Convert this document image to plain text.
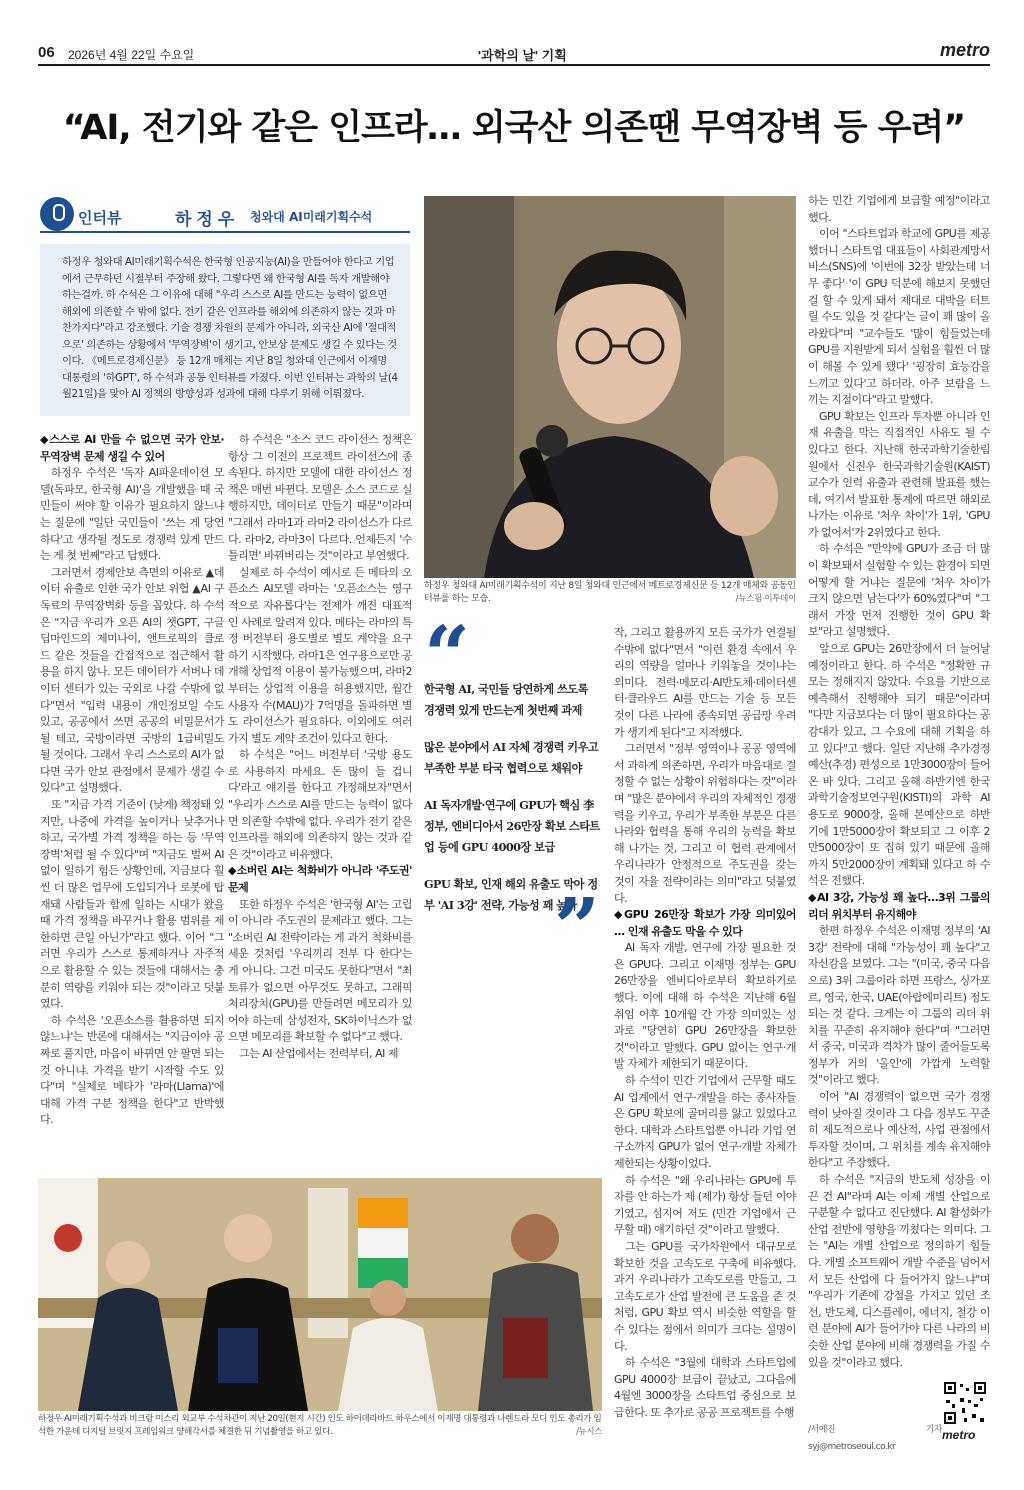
06 2026년 4월 22일 수요일	'과학의 날' 기획	metro
“AI, 전기와 같은 인프라… 외국산 의존땐 무역장벽 등 우려”
인터뷰	하정우 청와대 AI미래기획수석
하정우 청와대 AI미래기획수석은 한국형 인공지능(AI)을 만들어야 한다고 기업에서 근무하던 시절부터 주장해 왔다. 그렇다면 왜 한국형 AI를 독자 개발해야 하는걸까. 하 수석은 그 이유에 대해 "우리 스스로 AI를 만드는 능력이 없으면 해외에 의존할 수 밖에 없다. 전기 같은 인프라를 해외에 의존하지 않는 것과 마찬가지다"라고 강조했다. 기술 경쟁 차원의 문제가 아니라, 외국산 AI에 '절대적으로' 의존하는 상황에서 '무역장벽'이 생기고, 안보상 문제도 생길 수 있다는 것이다. 《메트로경제신문》 등 12개 매체는 지난 8일 청와대 인근에서 이재명 대통령의 '하GPT', 하 수석과 공동 인터뷰를 가졌다. 이번 인터뷰는 과학의 날(4월21일)을 맞아 AI 정책의 방향성과 성과에 대해 다루기 위해 이뤄졌다.

◆스스로 AI 만들 수 없으면 국가 안보·무역장벽 문제 생길 수 있어

하정우 수석은 '독자 AI파운데이션 모델(독파모, 한국형 AI)'을 개발했을 때 국민들이 써야 할 이유가 필요하지 않느냐는 질문에 "일단 국민들이 '쓰는 게 당연하다'고 생각될 정도로 경쟁력 있게 만드는 게 첫 번째"라고 답했다.

그러면서 경제안보 측면의 이유로 ▲데이터 유출로 인한 국가 안보 위협 ▲AI 구독료의 무역장벽화 등을 꼽았다. 하 수석은 "지금 우리가 오픈 AI의 챗GPT, 구글 딥마인드의 제미나이, 앤트로픽의 클로드 같은 것들을 간접적으로 접근해서 활용을 하지 않나. 모든 데이터가 서버나 데이터 센터가 있는 국외로 나갈 수밖에 없다"면서 "입력 내용이 개인정보일 수도 있고, 공공에서 쓰면 공공의 비밀문서가 될 테고, 국방이라면 국방의 1급비밀도 될 것이다. 그래서 우리 스스로의 AI가 없다면 국가 안보 관점에서 문제가 생길 수 있다"고 설명했다.

또 "지금 가격 기준이 (낮게) 책정돼 있지만, 나중에 가격을 높이거나 낮추거나 하고, 국가별 가격 정책을 하는 등 '무역장벽'처럼 될 수 있다"며 "지금도 벌써 AI 없이 일하기 힘든 상황인데, 지금보다 훨씬 더 많은 업무에 도입되거나 로봇에 탑재돼 사람들과 함께 일하는 시대가 왔을 때 가격 정책을 바꾸거나 활용 범위를 제한하면 큰일 아닌가"라고 했다. 이어 "그러면 우리가 스스로 통제하거나 자주적으로 활용할 수 있는 것들에 대해서는 충분히 역량을 키워야 되는 것"이라고 덧붙였다.

하 수석은 '오픈소스를 활용하면 되지 않느냐'는 반론에 대해서는 "지금이야 공짜로 풀지만, 마음이 바뀌면 안 팔면 되는 것 아니냐. 가격을 받기 시작할 수도 있다"며 "실제로 메타가 '라마(Llama)'에 대해 가격 구분 정책을 한다"고 반박했다.

하 수석은 "소스 코드 라이선스 정책은 항상 그 이전의 프로젝트 라이선스에 종속된다. 하지만 모델에 대한 라이선스 정책은 매번 바뀐다. 모델은 소스 코드로 실행하지만, 데이터로 만들기 때문"이라며 "그래서 라마1과 라마2 라이선스가 다르다. 라마2, 라마3이 다르다. 언제든지 '수 틀리면' 바꿔버리는 것"이라고 부연했다.

실제로 하 수석이 예시로 든 메타의 오픈소스 AI모델 라마는 '오픈소스는 영구적으로 자유롭다'는 전제가 깨진 대표적인 사례로 알려져 있다. 메타는 라마의 특정 버전부터 용도별로 별도 계약을 요구하기 시작했다. 라마1은 연구용으로만 공개해 상업적 이용이 불가능했으며, 라마2부터는 상업적 이용을 허용했지만, 월간 사용자 수(MAU)가 7억명을 돌파하면 별도 라이선스가 필요하다. 이외에도 여러가지 별도 계약 조건이 있다고 한다.

하 수석은 "어느 버전부터 '국방 용도로 사용하지 마세요. 돈 많이 들 겁니다'라고 얘기를 한다고 가정해보자"면서 "우리가 스스로 AI를 만드는 능력이 없다면 의존할 수밖에 없다. 우리가 전기 같은 인프라를 해외에 의존하지 않는 것과 같은 것"이라고 비유했다.

◆소버린 AI는 척화비가 아니라 '주도권' 문제

또한 하정우 수석은 '한국형 AI'는 고립이 아니라 주도권의 문제라고 했다. 그는 "소버린 AI 전략이라는 게 과거 척화비를 세운 것처럼 '우리끼리 전부 다 한다'는 게 아니다. 그건 미국도 못한다"면서 "최토류가 없으면 아무것도 못하고, 그래픽처리장치(GPU)를 만들려면 메모리가 있어야 하는데 삼성전자, SK하이닉스가 없으면 메모리를 확보할 수 없다"고 했다.

그는 AI 산업에서는 전력부터, AI 제

하정우 청와대 AI미래기획수석이 지난 8일 청와대 인근에서 메트로경제신문 등 12개 매체와 공동인터뷰를 하는 모습.	/뉴스핌·이투데이
“

한국형 AI, 국민들 당연하게 쓰도록 경쟁력 있게 만드는게 첫번째 과제

많은 분야에서 AI 자체 경쟁력 키우고 부족한 부분 타국 협력으로 채워야

AI 독자개발·연구에 GPU가 핵심 李 정부, 엔비디아서 26만장 확보 스타트업 등에 GPU 4000장 보급

GPU 확보, 인재 해외 유출도 막아 정부 'AI 3강' 전략, 가능성 꽤 높아

”

작, 그리고 활용까지 모든 국가가 연결될 수밖에 없다"면서 "이런 환경 속에서 우리의 역량을 얼마나 키워놓을 것이냐는 의미다. 전력·메모리·AI반도체·데이터센터·클라우드 AI를 만드는 기술 등 모든 것이 다른 나라에 종속되면 공급망 우려가 생기게 된다"고 지적했다.

그러면서 "정부 영역이나 공공 영역에서 과하게 의존하면, 우리가 마음대로 결정할 수 없는 상황이 위험하다는 것"이라며 "많은 분야에서 우리의 자체적인 경쟁력을 키우고, 우리가 부족한 부분은 다른 나라와 협력을 통해 우리의 능력을 확보해 나가는 것, 그리고 이 협력 관계에서 우리나라가 안정적으로 주도권을 갖는 것이 자율 전략이라는 의미"라고 덧붙였다.

◆GPU 26만장 확보가 가장 의미있어 … 인재 유출도 막을 수 있다

AI 독자 개발, 연구에 가장 필요한 것은 GPU다. 그리고 이재명 정부는 GPU 26만장을 엔비디아로부터 확보하기로 했다. 이에 대해 하 수석은 지난해 6월 취임 이후 10개월 간 가장 의미있는 성과로 "당연히 GPU 26만장을 확보한 것"이라고 말했다. GPU 없이는 연구·개발 자체가 제한되기 때문이다.

하 수석이 민간 기업에서 근무할 때도 AI 업계에서 연구·개발을 하는 종사자들은 GPU 확보에 골머리를 앓고 있었다고 한다. 대학과 스타트업뿐 아니라 기업 연구소까지 GPU가 없어 연구·개발 자체가 제한되는 상황이었다.

하 수석은 "왜 우리나라는 GPU에 투자를 안 하는가 제 (제가) 항상 들던 이야기였고, 심지어 저도 (민간 기업에서 근무할 때) 얘기하던 것"이라고 말했다.

그는 GPU를 국가차원에서 대규모로 확보한 것을 고속도로 구축에 비유했다. 과거 우리나라가 고속도로를 만들고, 그 고속도로가 산업 발전에 큰 도움을 준 것처럼, GPU 확보 역시 비슷한 역할을 할 수 있다는 점에서 의미가 크다는 설명이다.

하 수석은 "3월에 대학과 스타트업에 GPU 4000장 보급이 끝났고, 그다음에 4월엔 3000장을 스타트업 중심으로 보급한다. 또 추가로 공공 프로젝트를 수행

하는 민간 기업에게 보급할 예정"이라고 했다.

이어 "스타트업과 학교에 GPU를 제공했더니 스타트업 대표들이 사회관계망서비스(SNS)에 '이번에 32장 받았는데 너무 좋다' '이 GPU 덕분에 해보지 못했던 걸 할 수 있게 돼서 제대로 대박을 터트릴 수도 있을 것 같다'는 글이 꽤 많이 올라왔다"며 "교수들도 '많이 힘들었는데 GPU를 지원받게 되서 실험을 훨씬 더 많이 해볼 수 있게 됐다' '굉장히 효능감을 느끼고 있다'고 하더라. 아주 보람을 느끼는 지점이다"라고 말했다.

GPU 확보는 인프라 투자뿐 아니라 인재 유출을 막는 직접적인 사유도 될 수 있다고 한다. 지난해 한국과학기술한림원에서 신진우 한국과학기술원(KAIST) 교수가 인력 유출과 관련해 발표를 했는데, 여기서 발표한 통계에 따르면 해외로 나가는 이유로 '처우 차이'가 1위, 'GPU가 없어서'가 2위였다고 한다.

하 수석은 "만약에 GPU가 조금 더 많이 확보돼서 실험할 수 있는 환경이 되면 어떻게 할 거냐는 질문에 '처우 차이가 크지 않으면 남는다'가 60%였다"며 "그래서 가장 먼저 진행한 것이 GPU 확보"라고 설명했다.

앞으로 GPU는 26만장에서 더 늘어날 예정이라고 한다. 하 수석은 "정확한 규모는 정해지지 않았다. 수요를 기반으로 예측해서 진행해야 되기 때문"이라며 "다만 지금보다는 더 많이 필요하다는 공감대가 있고, 그 수요에 대해 기획을 하고 있다"고 했다. 일단 지난해 추가경정예산(추경) 편성으로 1만3000장이 들어온 바 있다. 그리고 올해 하반기엔 한국과학기술정보연구원(KISTI)의 과학 AI 용도로 9000장, 올해 본예산으로 하반기에 1만5000장이 확보되고 그 이후 2만5000장이 또 집혀 있기 때문에 올해까지 5만2000장이 계획돼 있다고 하 수석은 전했다.

◆AI 3강, 가능성 꽤 높다…3위 그룹의 리더 위치부터 유지해야

한편 하정우 수석은 이재명 정부의 'AI 3강' 전략에 대해 "가능성이 꽤 높다"고 자신감을 보였다. 그는 "(미국, 중국 다음으로) 3위 그룹이라 하면 프랑스, 싱가포르, 영국, 한국, UAE(아랍에미리트) 정도 되는 것 같다. 크게는 이 그룹의 리더 위치를 꾸준히 유지해야 한다"며 "그러면서 중국, 미국과 격차가 많이 줄어들도록 정부가 거의 '올인'에 가깝게 노력할 것"이라고 했다.

이어 "AI 경쟁력이 없으면 국가 경쟁력이 낮아질 것이라 그 다음 정부도 꾸준히 제도적으로나 예산적, 사업 관점에서 투자할 것이며, 그 위치를 계속 유지해야 한다"고 주장했다.

하 수석은 "지금의 반도체 성장을 이끈 건 AI"라며 AI는 이제 개별 산업으로 구분할 수 없다고 진단했다. AI 활성화가 산업 전반에 영향을 끼쳤다는 의미다. 그는 "AI는 개별 산업으로 정의하기 힘들다. 개별 소프트웨어 개발 수준을 넘어서서 모든 산업에 다 들어가지 않느냐"며 "우리가 기존에 강점을 가지고 있던 조선, 반도체, 디스플레이, 에너지, 철강 이런 분야에 AI가 들어가야 다른 나라의 비슷한 산업 분야에 비해 경쟁력을 가질 수 있을 것"이라고 했다.

/서예진 기자 syj@metroseoul.co.kr

하정우 AI미래기획수석과 비크람 미스리 외교부 수석차관이 지난 20일(현지 시간) 인도 하이데라바드 하우스에서 이재명 대통령과 나렌드라 모디 인도 총리가 임석한 가운데 디지털 브릿지 프레임워크 양해각서를 체결한 뒤 기념촬영을 하고 있다.	/뉴시스	metro
